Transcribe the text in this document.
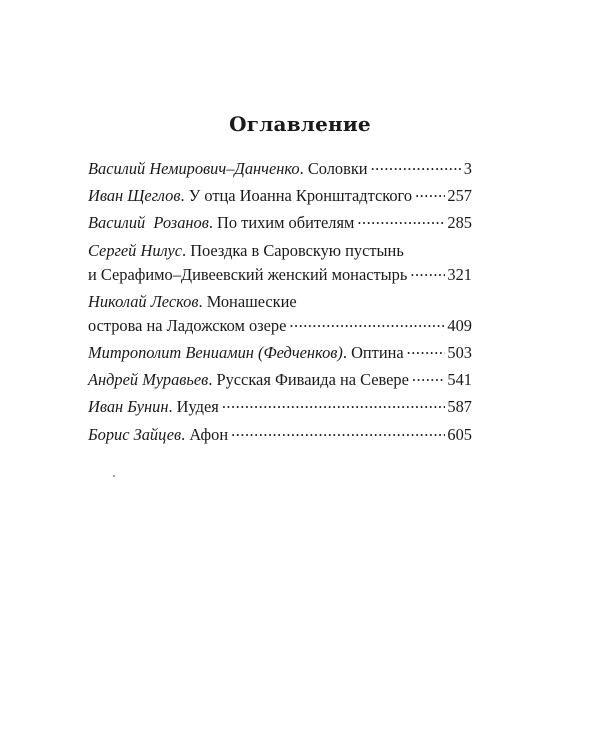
Оглавление
Василий Немирович–Данченко . Соловки .....	3
Иван Щеглов . У отца Иоанна Кронштадтского ..... 257
Василий  Розанов . По тихим обителям .....	285
Сергей Нилус . Поездка в Саровскую пустынь
и Серафимо–Дивеевский женский монастырь ..... 321
Николай Лесков . Монашеские
острова на Ладожском озере .....	409
Митрополит Вениамин (Федченков) . Оптина .....	503
Андрей Муравьев . Русская Фиваида на Севере ..... 541
Иван Бунин . Иудея .....	587
Борис Зайцев . Афон .....	605
